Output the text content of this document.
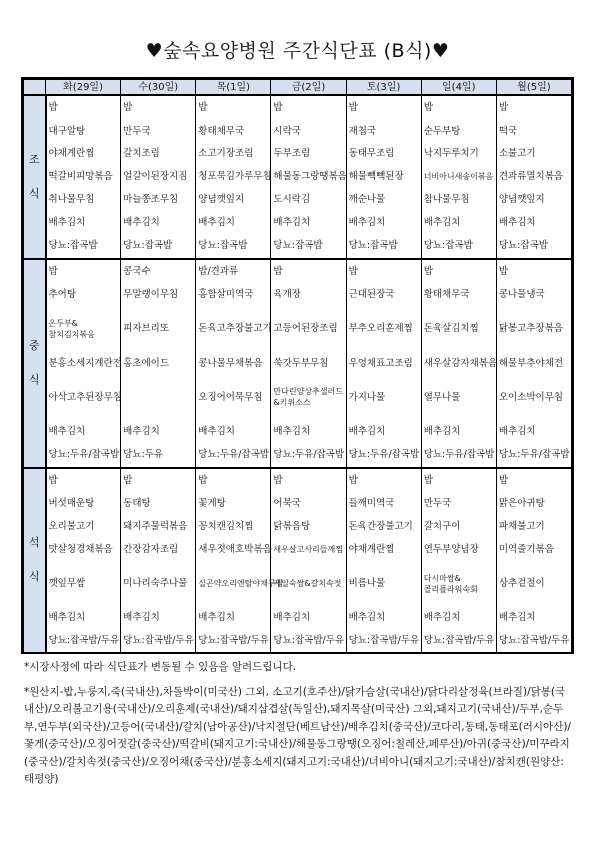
♥숲속요양병원 주간식단표 (B식)♥
	화(29일)	수(30일)	목(1일)	금(2일)	토(3일)	일(4일)	월(5일)

조
식	밥	밥	밥	밥	밥	밥	밥
	대구알탕	만두국	황태채무국	시락국	재첩국	순두부탕	떡국
	야채계란찜	갈치조림	소고기장조림	두부조림	동태무조림	낙지두루치기	소불고기
	떡갈비피망볶음	얼갈이된장지짐	청포묵김가루무침	해물동그랑땡볶음	해물빽빽된장	너비아니새송이볶음	견과류멸치볶음
	취나물무침	마늘쫑조무침	양념깻잎지	도시락김	깨순나물	참나물무침	양념깻잎지
	배추김치	배추김치	배추김치	배추김치	배추김치	배추김치	배추김치
	당뇨:잡곡밥	당뇨:잡곡밥	당뇨:잡곡밥	당뇨:잡곡밥	당뇨:잡곡밥	당뇨:잡곡밥	당뇨:잡곡밥

중
식	밥	콩국수	밥/견과류	밥	밥	밥	밥
	추어탕	무말랭이무침	홍합살미역국	육개장	근대된장국	황태채무국	콩나물냉국
	온두부&참치김치볶음	피자브리또	돈육고추장불고기	고등어된장조림	부추오리훈제찜	돈육살김치찜	닭봉고추장볶음
	분홍소세지계란전	홍초에이드	콩나물무채볶음	쑥갓두부무침	우엉채표고조림	새우살감자채볶음	해물부추야채전
	아삭고추된장무침		오징어어묵무침	만다린양상추샐러드&키위소스	가지나물	열무나물	오이소박이무침
	배추김치	배추김치	배추김치	배추김치	배추김치	배추김치	배추김치
	당뇨:두유/잡곡밥	당뇨:두유	당뇨:두유/잡곡밥	당뇨:두유/잡곡밥	당뇨:두유/잡곡밥	당뇨:두유/잡곡밥	당뇨:두유/잡곡밥

석
식	밥	밥	밥	밥	밥	밥	밥
	버섯매운탕	동태탕	꽃게탕	어묵국	들깨미역국	만두국	맑은아귀탕
	오리불고기	돼지주물럭볶음	꽁치캔김치찜	닭볶음탕	돈육간장불고기	갈치구이	파채불고기
	맛살청경채볶음	간장감자조림	새우젓애호박볶음	새우살고사리들깨찜	야채계란찜	연두부양념장	미역줄기볶음
	깻잎무쌈	미나리숙주나물	실곤약오리엔탈야채무침	케일숙쌈&갈치속젓	비름나물	다시마쌈&콜리플라워숙회	상추겉절이
	배추김치	배추김치	배추김치	배추김치	배추김치	배추김치	배추김치
	당뇨:잡곡밥/두유	당뇨:잡곡밥/두유	당뇨:잡곡밥/두유	당뇨:잡곡밥/두유	당뇨:잡곡밥/두유	당뇨:잡곡밥/두유	당뇨:잡곡밥/두유

*시장사정에 따라 식단표가 변동될 수 있음을 알려드립니다.

*원산지-밥,누룽지,죽(국내산),차돌박이(미국산) 그외, 소고기(호주산)/닭가슴살(국내산)/닭다리살정육(브라질)/닭봉(국내산)/오리불고기용(국내산)/오리훈제(국내산)/돼지삼겹살(독일산),돼지목살(미국산) 그외,돼지고기(국내산)/두부,순두부,연두부(외국산)/고등어(국내산)/갈치(남아공산)/낙지절단(베트남산)/배추김치(중국산)/코다리,동태,동태포(러시아산)/꽃게(중국산)/오징어젓갈(중국산)/떡갈비(돼지고기:국내산)/해물동그랑땡(오징어:칠레산,페루산)/아귀(중국산)/미꾸라지(중국산)/갈치속젓(중국산)/오징어채(중국산)/분홍소세지(돼지고기:국내산)/너비아니(돼지고기:국내산)/참치캔(원양산:태평양)
